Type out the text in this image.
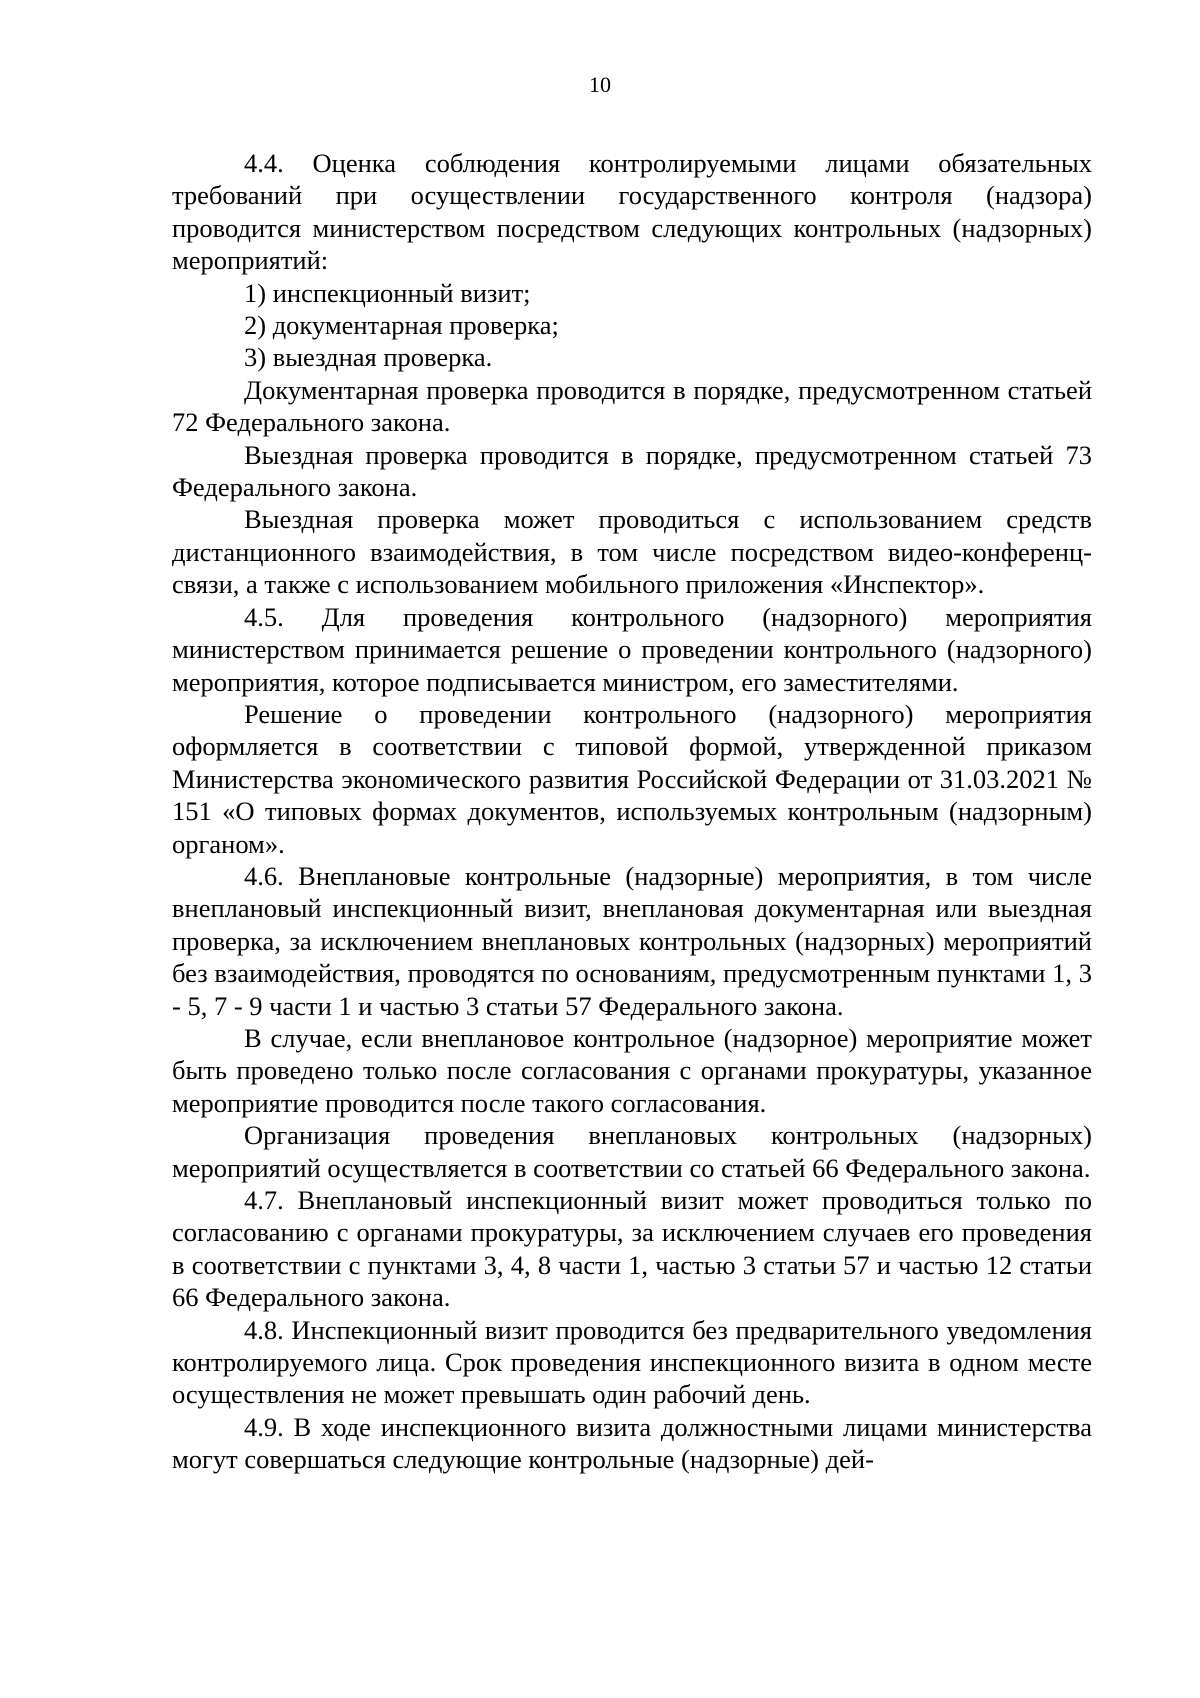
10

4.4. Оценка соблюдения контролируемыми лицами обязательных требований при осуществлении государственного контроля (надзора) проводится министерством посредством следующих контрольных (надзорных) мероприятий:

1) инспекционный визит;

2) документарная проверка;

3) выездная проверка.

Документарная проверка проводится в порядке, предусмотренном статьей 72 Федерального закона.

Выездная проверка проводится в порядке, предусмотренном статьей 73 Федерального закона.

Выездная проверка может проводиться с использованием средств дистанционного взаимодействия, в том числе посредством видео-конференц-связи, а также с использованием мобильного приложения «Инспектор».

4.5. Для проведения контрольного (надзорного) мероприятия министерством принимается решение о проведении контрольного (надзорного) мероприятия, которое подписывается министром, его заместителями.

Решение о проведении контрольного (надзорного) мероприятия оформляется в соответствии с типовой формой, утвержденной приказом Министерства экономического развития Российской Федерации от 31.03.2021 № 151 «О типовых формах документов, используемых контрольным (надзорным) органом».

4.6. Внеплановые контрольные (надзорные) мероприятия, в том числе внеплановый инспекционный визит, внеплановая документарная или выездная проверка, за исключением внеплановых контрольных (надзорных) мероприятий без взаимодействия, проводятся по основаниям, предусмотренным пунктами 1, 3 - 5, 7 - 9 части 1 и частью 3 статьи 57 Федерального закона.

В случае, если внеплановое контрольное (надзорное) мероприятие может быть проведено только после согласования с органами прокуратуры, указанное мероприятие проводится после такого согласования.

Организация проведения внеплановых контрольных (надзорных) мероприятий осуществляется в соответствии со статьей 66 Федерального закона.

4.7. Внеплановый инспекционный визит может проводиться только по согласованию с органами прокуратуры, за исключением случаев его проведения в соответствии с пунктами 3, 4, 8 части 1, частью 3 статьи 57 и частью 12 статьи 66 Федерального закона.

4.8. Инспекционный визит проводится без предварительного уведомления контролируемого лица. Срок проведения инспекционного визита в одном месте осуществления не может превышать один рабочий день.

4.9. В ходе инспекционного визита должностными лицами министерства могут совершаться следующие контрольные (надзорные) дей-
